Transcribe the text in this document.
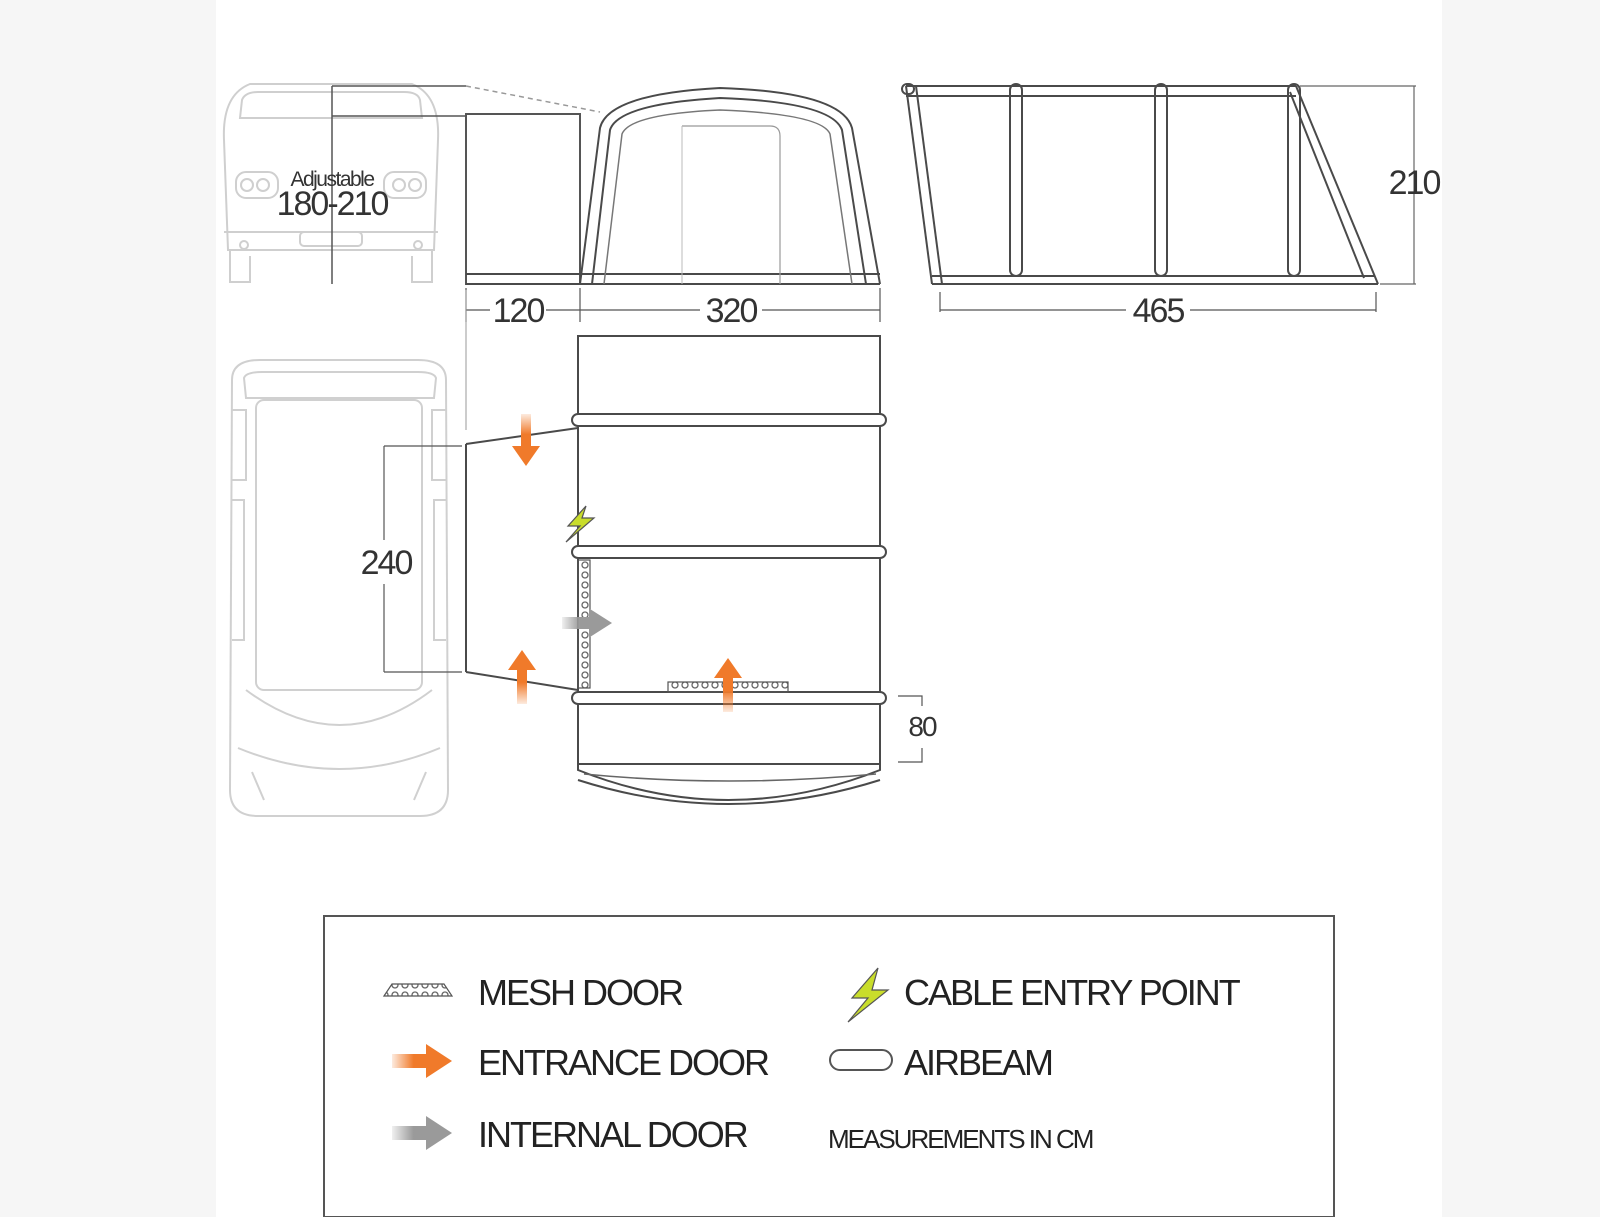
Adjustable
180-210
120	320	465
210
240
80
MESH DOOR
ENTRANCE DOOR
INTERNAL DOOR
CABLE ENTRY POINT
AIRBEAM
MEASUREMENTS IN CM
